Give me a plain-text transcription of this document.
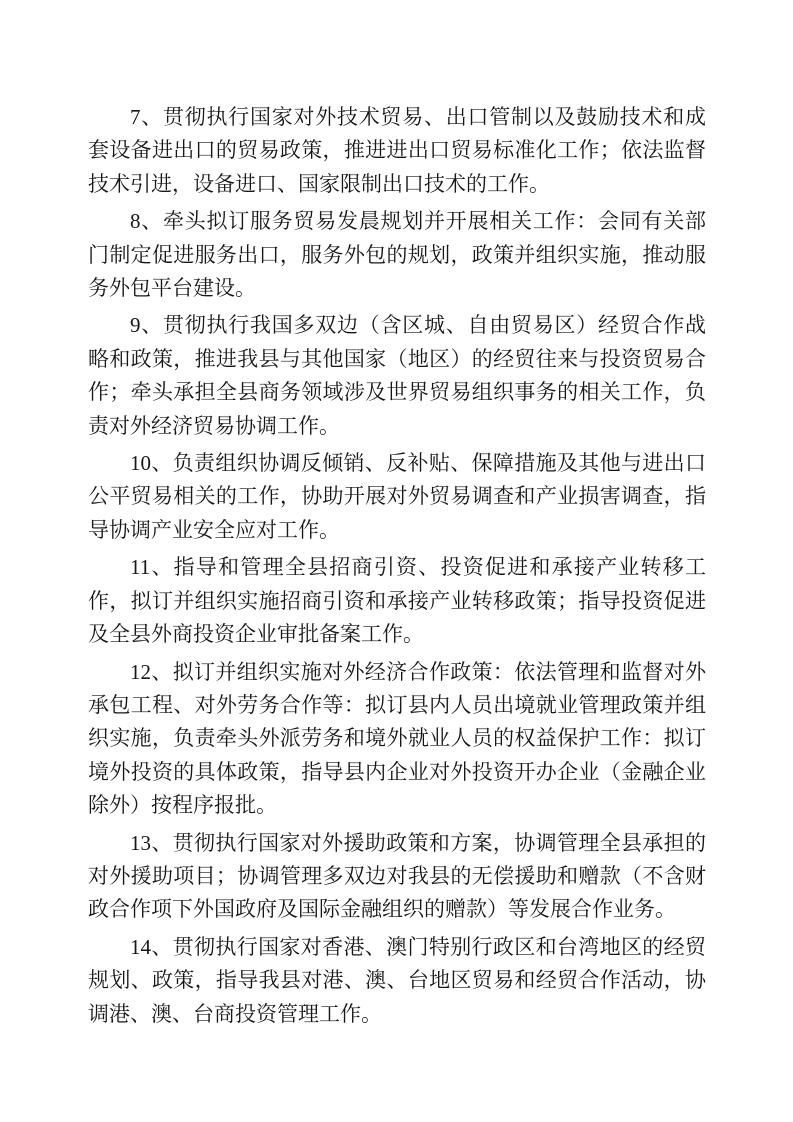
7、贯彻执行国家对外技术贸易、出口管制以及鼓励技术和成套设备进出口的贸易政策，推进进出口贸易标准化工作；依法监督技术引进，设备进口、国家限制出口技术的工作。

8、牵头拟订服务贸易发晨规划并开展相关工作：会同有关部门制定促进服务出口，服务外包的规划，政策并组织实施，推动服务外包平台建设。

9、贯彻执行我国多双边（含区城、自由贸易区）经贸合作战略和政策，推进我县与其他国家（地区）的经贸往来与投资贸易合作；牵头承担全县商务领域涉及世界贸易组织事务的相关工作，负责对外经济贸易协调工作。

10、负责组织协调反倾销、反补贴、保障措施及其他与进出口公平贸易相关的工作，协助开展对外贸易调查和产业损害调查，指导协调产业安全应对工作。

11、指导和管理全县招商引资、投资促进和承接产业转移工作，拟订并组织实施招商引资和承接产业转移政策；指导投资促进及全县外商投资企业审批备案工作。

12、拟订并组织实施对外经济合作政策：依法管理和监督对外承包工程、对外劳务合作等：拟订县内人员出境就业管理政策并组织实施，负责牵头外派劳务和境外就业人员的权益保护工作：拟订境外投资的具体政策，指导县内企业对外投资开办企业（金融企业除外）按程序报批。

13、贯彻执行国家对外援助政策和方案，协调管理全县承担的对外援助项目；协调管理多双边对我县的无偿援助和赠款（不含财政合作项下外国政府及国际金融组织的赠款）等发展合作业务。

14、贯彻执行国家对香港、澳门特别行政区和台湾地区的经贸规划、政策，指导我县对港、澳、台地区贸易和经贸合作活动，协调港、澳、台商投资管理工作。
